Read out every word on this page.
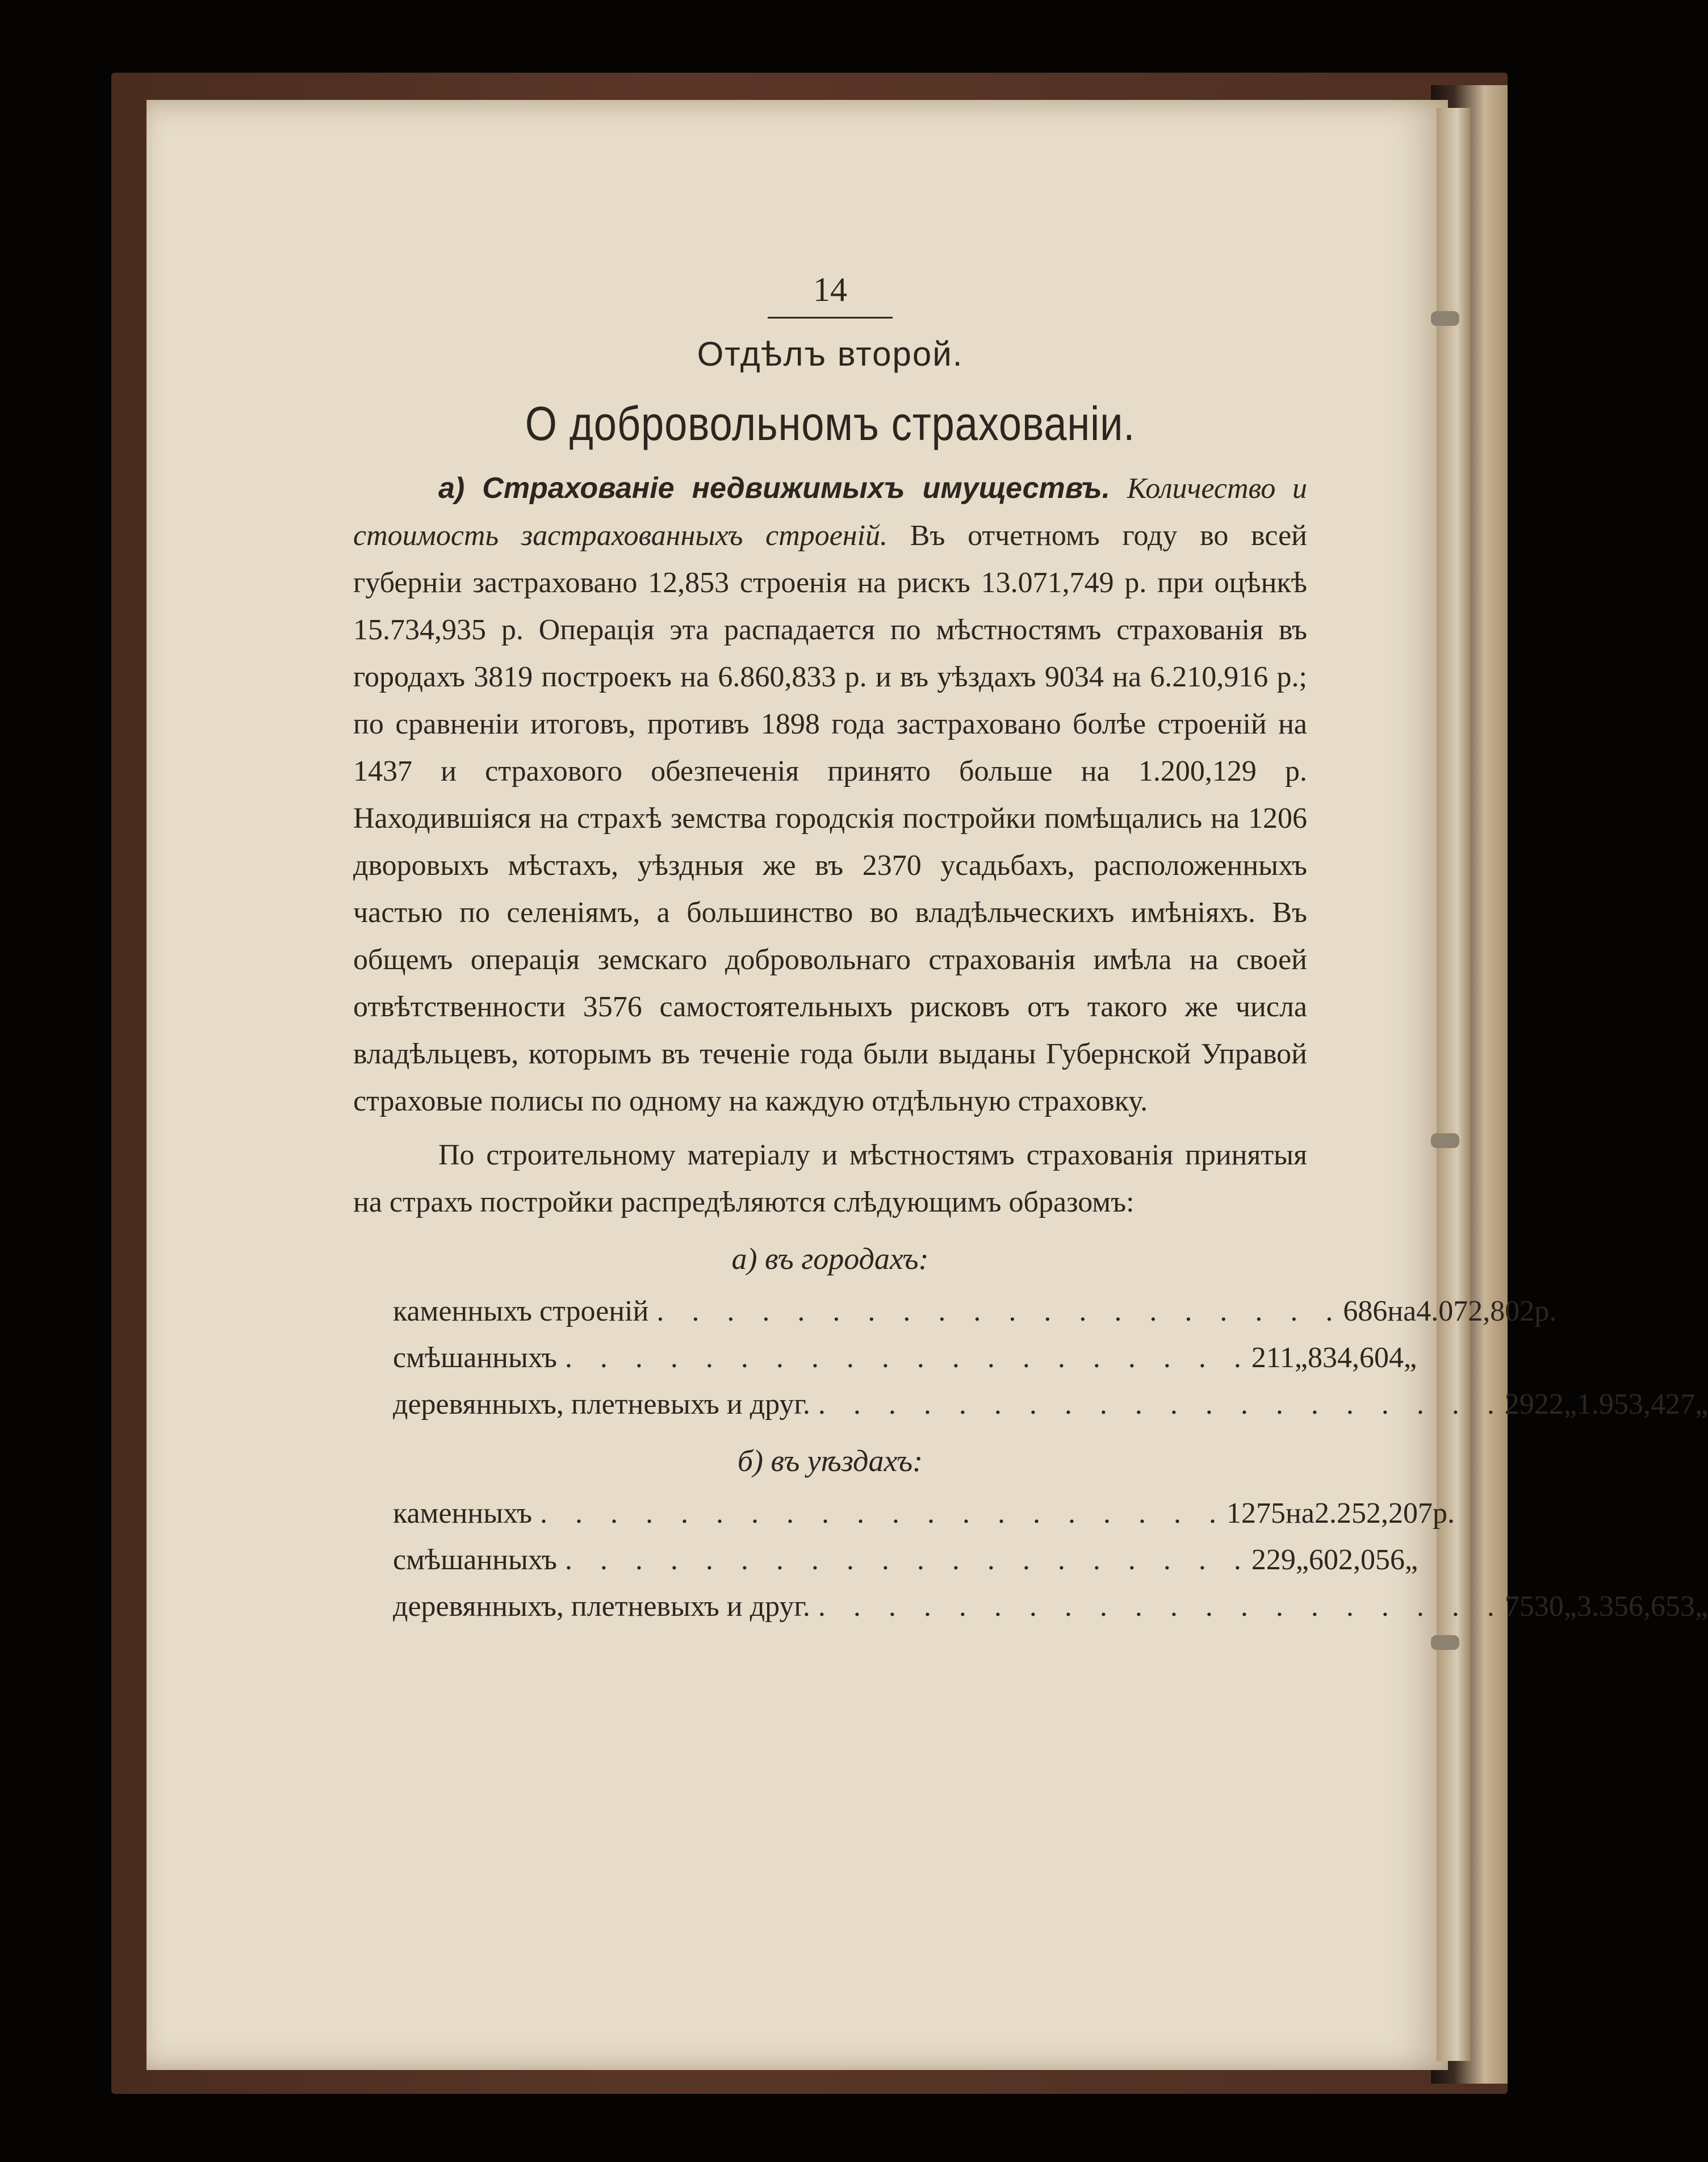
14
Отдѣлъ второй.
О добровольномъ страхованіи.
а) Страхованіе недвижимыхъ имуществъ. Количество и стоимость застрахованныхъ строеній. Въ отчетномъ году во всей губерніи застраховано 12,853 строенія на рискъ 13.071,749 р. при оцѣнкѣ 15.734,935 р. Операція эта распадается по мѣстностямъ страхованія въ городахъ 3819 построекъ на 6.860,833 р. и въ уѣздахъ 9034 на 6.210,916 р.; по сравненіи итоговъ, противъ 1898 года застраховано болѣе строеній на 1437 и страхового обезпеченія принято больше на 1.200,129 р. Находившіяся на страхѣ земства городскія постройки помѣщались на 1206 дворовыхъ мѣстахъ, уѣздныя же въ 2370 усадьбахъ, расположенныхъ частью по селеніямъ, а большинство во владѣльческихъ имѣніяхъ. Въ общемъ операція земскаго добровольнаго страхованія имѣла на своей отвѣтственности 3576 самостоятельныхъ рисковъ отъ такого же числа владѣльцевъ, которымъ въ теченіе года были выданы Губернской Управой страховые полисы по одному на каждую отдѣльную страховку.
По строительному матеріалу и мѣстностямъ страхованія принятыя на страхъ постройки распредѣляются слѣдующимъ образомъ:
а) въ городахъ:
каменныхъ строеній . . . . . . . . . . . . . . . . . . . . 686 на 4.072,802 р.
смѣшанныхъ . . . . . . . . . . . . . . . . . . . . 211 „ 834,604 „
деревянныхъ, плетневыхъ и друг. . . . . . . . . . . . . . . . . . . . . 2922 „ 1.953,427 „
б) въ уѣздахъ:
каменныхъ . . . . . . . . . . . . . . . . . . . . 1275 на 2.252,207 р.
смѣшанныхъ . . . . . . . . . . . . . . . . . . . . 229 „ 602,056 „
деревянныхъ, плетневыхъ и друг. . . . . . . . . . . . . . . . . . . . . 7530 „ 3.356,653 „
